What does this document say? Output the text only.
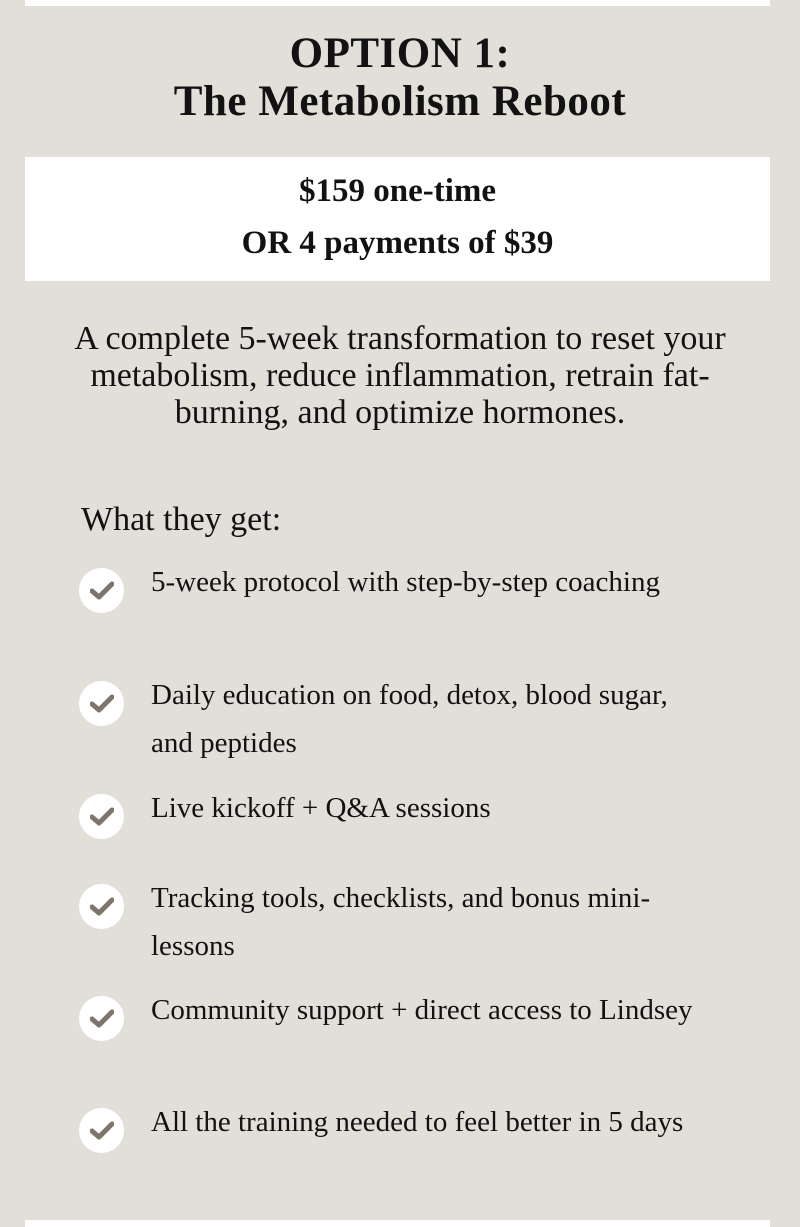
OPTION 1:
The Metabolism Reboot
$159 one-time
OR 4 payments of $39
A complete 5-week transformation to reset your metabolism, reduce inflammation, retrain fat-burning, and optimize hormones.
What they get:
5-week protocol with step-by-step coaching
Daily education on food, detox, blood sugar, and peptides
Live kickoff + Q&A sessions
Tracking tools, checklists, and bonus mini-lessons
Community support + direct access to Lindsey
All the training needed to feel better in 5 days
